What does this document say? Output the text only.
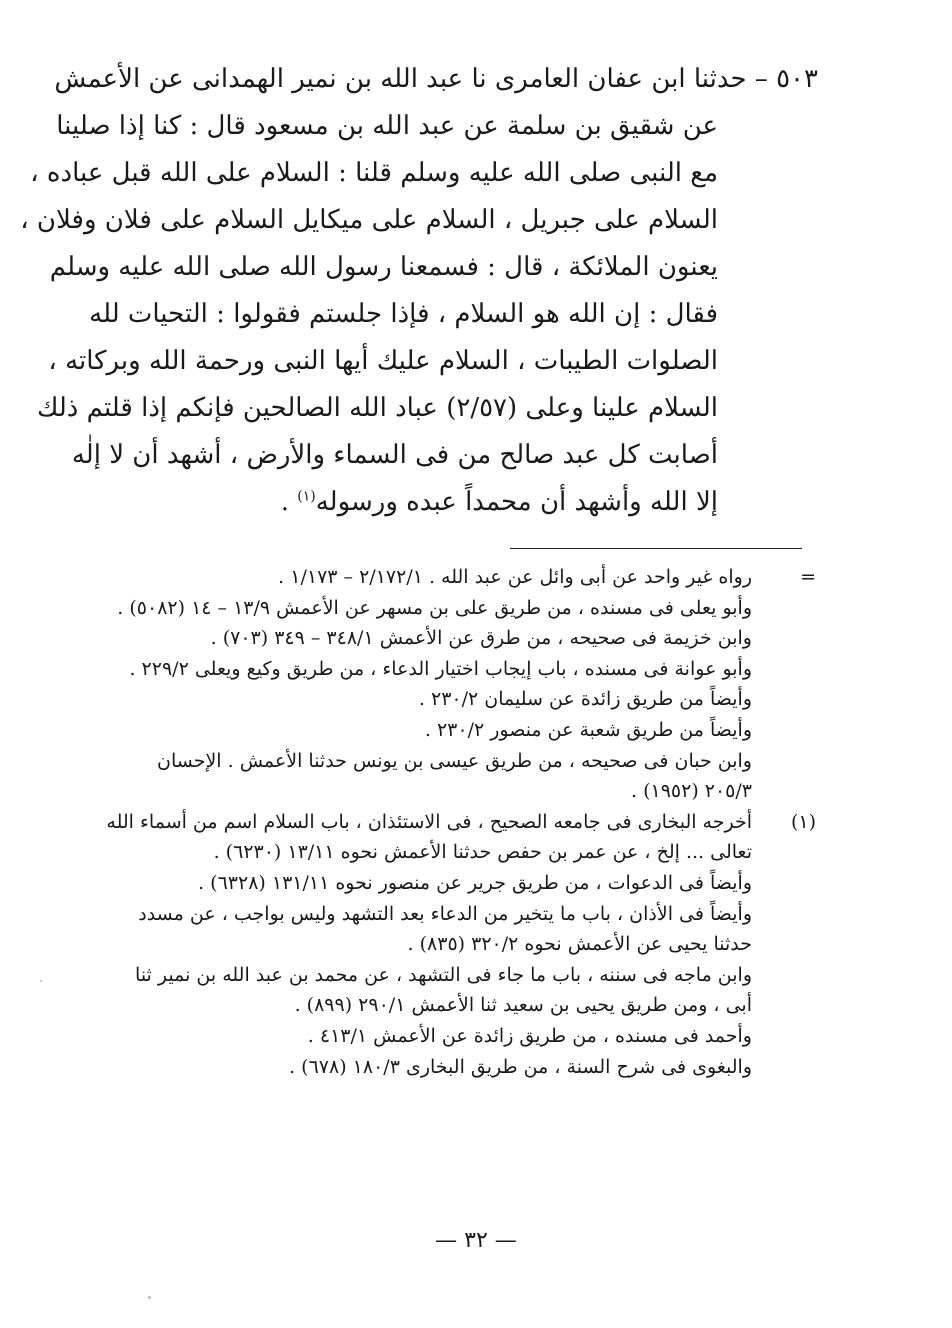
٥٠٣ – حدثنا ابن عفان العامرى نا عبد الله بن نمير الهمدانى عن الأعمش
عن شقيق بن سلمة عن عبد الله بن مسعود قال : كنا إذا صلينا
مع النبى صلى الله عليه وسلم قلنا : السلام على الله قبل عباده ،
السلام على جبريل ، السلام على ميكايل السلام على فلان وفلان ،
يعنون الملائكة ، قال : فسمعنا رسول الله صلى الله عليه وسلم
فقال : إن الله هو السلام ، فإذا جلستم فقولوا : التحيات لله
الصلوات الطيبات ، السلام عليك أيها النبى ورحمة الله وبركاته ،
السلام علينا وعلى (٢/٥٧) عباد الله الصالحين فإنكم إذا قلتم ذلك
أصابت كل عبد صالح من فى السماء والأرض ، أشهد أن لا إلٰه
إلا الله وأشهد أن محمداً عبده ورسوله$^{(١)}$ .
=
رواه غير واحد عن أبى وائل عن عبد الله . ٢/١٧٢/١ – ١/١٧٣ .
وأبو يعلى فى مسنده ، من طريق على بن مسهر عن الأعمش ١٣/٩ – ١٤ (٥٠٨٢) .
وابن خزيمة فى صحيحه ، من طرق عن الأعمش ٣٤٨/١ – ٣٤٩ (٧٠٣) .
وأبو عوانة فى مسنده ، باب إيجاب اختيار الدعاء ، من طريق وكيع ويعلى ٢٢٩/٢ .
وأيضاً من طريق زائدة عن سليمان ٢٣٠/٢ .
وأيضاً من طريق شعبة عن منصور ٢٣٠/٢ .
وابن حبان فى صحيحه ، من طريق عيسى بن يونس حدثنا الأعمش . الإحسان
٢٠٥/٣ (١٩٥٢) .
(١)
أخرجه البخارى فى جامعه الصحيح ، فى الاستئذان ، باب السلام اسم من أسماء الله
تعالى ... إلخ ، عن عمر بن حفص حدثنا الأعمش نحوه ١٣/١١ (٦٢٣٠) .
وأيضاً فى الدعوات ، من طريق جرير عن منصور نحوه ١٣١/١١ (٦٣٢٨) .
وأيضاً فى الأذان ، باب ما يتخير من الدعاء بعد التشهد وليس بواجب ، عن مسدد
حدثنا يحيى عن الأعمش نحوه ٣٢٠/٢ (٨٣٥) .
وابن ماجه فى سننه ، باب ما جاء فى التشهد ، عن محمد بن عبد الله بن نمير ثنا
أبى ، ومن طريق يحيى بن سعيد ثنا الأعمش ٢٩٠/١ (٨٩٩) .
وأحمد فى مسنده ، من طريق زائدة عن الأعمش ٤١٣/١ .
والبغوى فى شرح السنة ، من طريق البخارى ١٨٠/٣ (٦٧٨) .
— ٣٢ —
